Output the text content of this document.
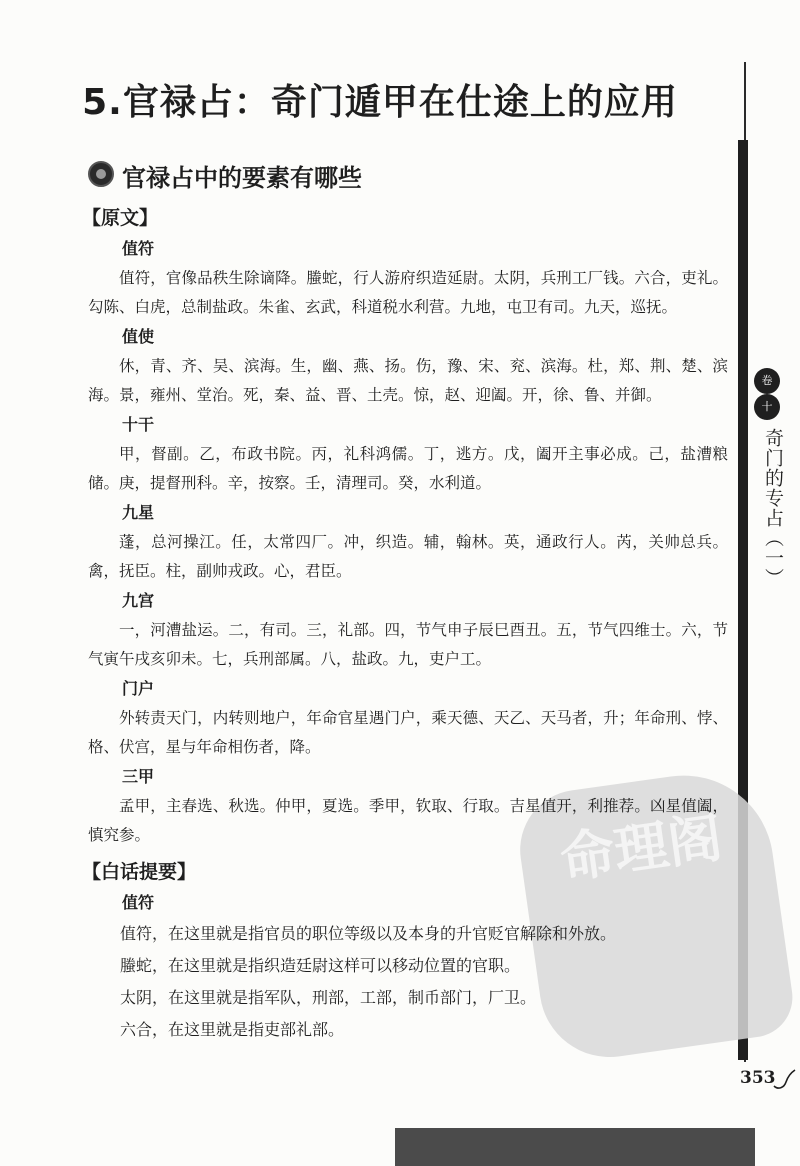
卷
十
奇门的专占（一）
命理阁
5.官禄占：奇门遁甲在仕途上的应用
官禄占中的要素有哪些
【原文】
值符

值符，官像品秩生除谪降。螣蛇，行人游府织造延尉。太阴，兵刑工厂钱。六合，吏礼。勾陈、白虎，总制盐政。朱雀、玄武，科道税水利营。九地，屯卫有司。九天，巡抚。

值使

休，青、齐、吴、滨海。生，幽、燕、扬。伤，豫、宋、兖、滨海。杜，郑、荆、楚、滨海。景，雍州、堂治。死，秦、益、晋、土壳。惊，赵、迎阖。开，徐、鲁、并御。

十干

甲，督副。乙，布政书院。丙，礼科鸿儒。丁，逃方。戊，阖开主事必成。己，盐漕粮储。庚，提督刑科。辛，按察。壬，清理司。癸，水利道。

九星

蓬，总河操江。任，太常四厂。冲，织造。辅，翰林。英，通政行人。芮，关帅总兵。禽，抚臣。柱，副帅戎政。心，君臣。

九宫

一，河漕盐运。二，有司。三，礼部。四，节气申子辰巳酉丑。五，节气四维士。六，节气寅午戌亥卯未。七，兵刑部属。八，盐政。九，吏户工。

门户

外转责天门，内转则地户，年命官星遇门户，乘天德、天乙、天马者，升；年命刑、悖、格、伏宫，星与年命相伤者，降。

三甲

孟甲，主春选、秋选。仲甲，夏选。季甲，钦取、行取。吉星值开，利推荐。凶星值阖，慎究参。

【白话提要】
值符

值符，在这里就是指官员的职位等级以及本身的升官贬官解除和外放。

螣蛇，在这里就是指织造廷尉这样可以移动位置的官职。

太阴，在这里就是指军队，刑部，工部，制币部门，厂卫。

六合，在这里就是指吏部礼部。

353
